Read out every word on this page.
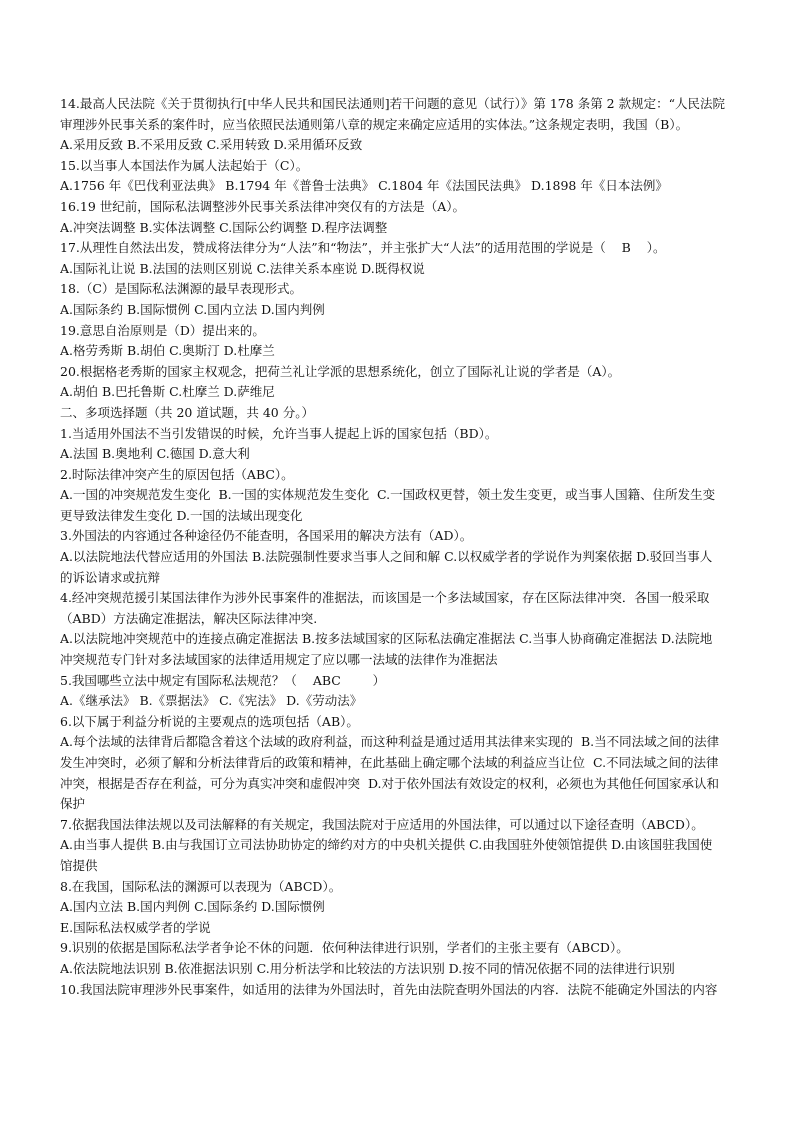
14.最高人民法院《关于贯彻执行[中华人民共和国民法通则]若干问题的意见（试行）》第 178 条第 2 款规定：“人民法院
审理涉外民事关系的案件时，应当依照民法通则第八章的规定来确定应适用的实体法。”这条规定表明，我国（B）。
A.采用反致 B.不采用反致 C.采用转致 D.采用循环反致
15.以当事人本国法作为属人法起始于（C）。
A.1756 年《巴伐利亚法典》 B.1794 年《普鲁士法典》 C.1804 年《法国民法典》 D.1898 年《日本法例》
16.19 世纪前，国际私法调整涉外民事关系法律冲突仅有的方法是（A）。
A.冲突法调整 B.实体法调整 C.国际公约调整 D.程序法调整
17.从理性自然法出发，赞成将法律分为“人法”和“物法”，并主张扩大“人法”的适用范围的学说是（    B    ）。
A.国际礼让说 B.法国的法则区别说 C.法律关系本座说 D.既得权说
18.（C）是国际私法渊源的最早表现形式。
A.国际条约 B.国际惯例 C.国内立法 D.国内判例
19.意思自治原则是（D）提出来的。
A.格劳秀斯 B.胡伯 C.奥斯汀 D.杜摩兰
20.根据格老秀斯的国家主权观念，把荷兰礼让学派的思想系统化，创立了国际礼让说的学者是（A）。
A.胡伯 B.巴托鲁斯 C.杜摩兰 D.萨维尼
二、多项选择题（共 20 道试题，共 40 分。）
1.当适用外国法不当引发错误的时候，允许当事人提起上诉的国家包括（BD）。
A.法国 B.奥地利 C.德国 D.意大利
2.时际法律冲突产生的原因包括（ABC）。
A.一国的冲突规范发生变化  B.一国的实体规范发生变化  C.一国政权更替，领土发生变更，或当事人国籍、住所发生变
更导致法律发生变化 D.一国的法域出现变化
3.外国法的内容通过各种途径仍不能查明，各国采用的解决方法有（AD）。
A.以法院地法代替应适用的外国法 B.法院强制性要求当事人之间和解 C.以权威学者的学说作为判案依据 D.驳回当事人
的诉讼请求或抗辩
4.经冲突规范援引某国法律作为涉外民事案件的准据法，而该国是一个多法域国家，存在区际法律冲突．各国一般采取
（ABD）方法确定准据法，解决区际法律冲突.
A.以法院地冲突规范中的连接点确定准据法 B.按多法域国家的区际私法确定准据法 C.当事人协商确定准据法 D.法院地
冲突规范专门针对多法域国家的法律适用规定了应以哪一法域的法律作为准据法
5.我国哪些立法中规定有国际私法规范？（    ABC        ）
A.《继承法》 B.《票据法》 C.《宪法》 D.《劳动法》
6.以下属于利益分析说的主要观点的选项包括（AB）。
A.每个法域的法律背后都隐含着这个法域的政府利益，而这种利益是通过适用其法律来实现的  B.当不同法域之间的法律
发生冲突时，必须了解和分析法律背后的政策和精神，在此基础上确定哪个法域的利益应当让位  C.不同法域之间的法律
冲突，根据是否存在利益，可分为真实冲突和虚假冲突  D.对于依外国法有效设定的权利，必须也为其他任何国家承认和
保护
7.依据我国法律法规以及司法解释的有关规定，我国法院对于应适用的外国法律，可以通过以下途径查明（ABCD）。
A.由当事人提供 B.由与我国订立司法协助协定的缔约对方的中央机关提供 C.由我国驻外使领馆提供 D.由该国驻我国使
馆提供
8.在我国，国际私法的渊源可以表现为（ABCD）。
A.国内立法 B.国内判例 C.国际条约 D.国际惯例
E.国际私法权威学者的学说
9.识别的依据是国际私法学者争论不休的问题．依何种法律进行识别，学者们的主张主要有（ABCD）。
A.依法院地法识别 B.依准据法识别 C.用分析法学和比较法的方法识别 D.按不同的情况依据不同的法律进行识别
10.我国法院审理涉外民事案件，如适用的法律为外国法时，首先由法院查明外国法的内容．法院不能确定外国法的内容
